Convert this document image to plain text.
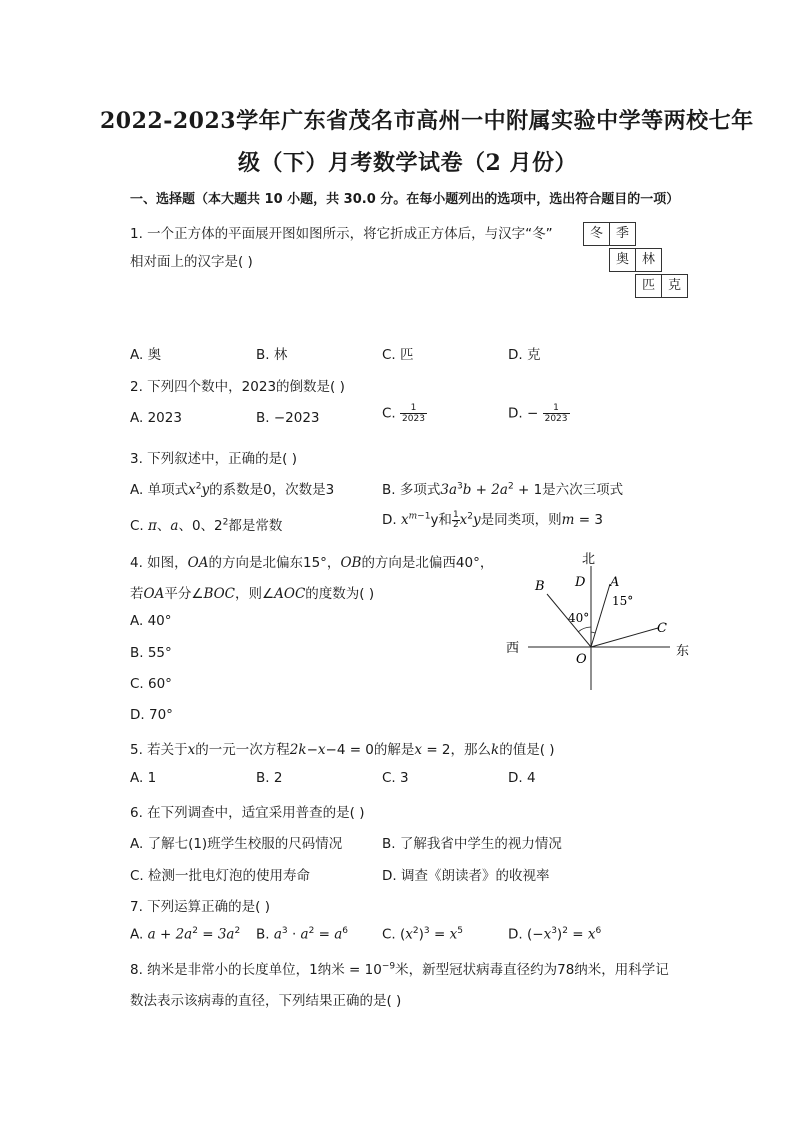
2022-2023学年广东省茂名市高州一中附属实验中学等两校七年
级（下）月考数学试卷（2 月份）
一、选择题（本大题共 10 小题，共 30.0 分。在每小题列出的选项中，选出符合题目的一项）
1. 一个正方体的平面展开图如图所示，将它折成正方体后，与汉字“冬”
相对面上的汉字是( )
冬 季
奥 林
匹 克
A. 奥	B. 林	C. 匹	D. 克
2. 下列四个数中，2023的倒数是( )
A. 2023	B. −2023	C. $\frac{1}{2023}$	D. − $\frac{1}{2023}$
3. 下列叙述中，正确的是( )
A. 单项式$x^2y$的系数是0，次数是3	B. 多项式$3a^3b + 2a^2 + 1$是六次三项式
C. π、a、0、$2^2$都是常数	D. $x^{m-1}y$和 $\frac{1}{2} x^2y$是同类项，则m = 3
4. 如图，OA的方向是北偏东15°，OB的方向是北偏西40°，
若OA平分∠BOC，则∠AOC的度数为( )
A. 40°
B. 55°
C. 60°
D. 70°
北
西	东
B D A
C
O
40°
15°
5. 若关于x的一元一次方程2k−x−4 = 0的解是x = 2，那么k的值是( )
A. 1	B. 2	C. 3	D. 4
6. 在下列调查中，适宜采用普查的是( )
A. 了解七(1)班学生校服的尺码情况	B. 了解我省中学生的视力情况
C. 检测一批电灯泡的使用寿命	D. 调查《朗读者》的收视率
7. 下列运算正确的是( )
A. $a + 2a^2 = 3a^2$ B. $a^3 \cdot a^2 = a^6$	C. $(x^2)^3 = x^5$	D. $(-x^3)^2 = x^6$
8. 纳米是非常小的长度单位，1纳米 = $10^{-9}$米，新型冠状病毒直径约为78纳米，用科学记
数法表示该病毒的直径，下列结果正确的是( )
